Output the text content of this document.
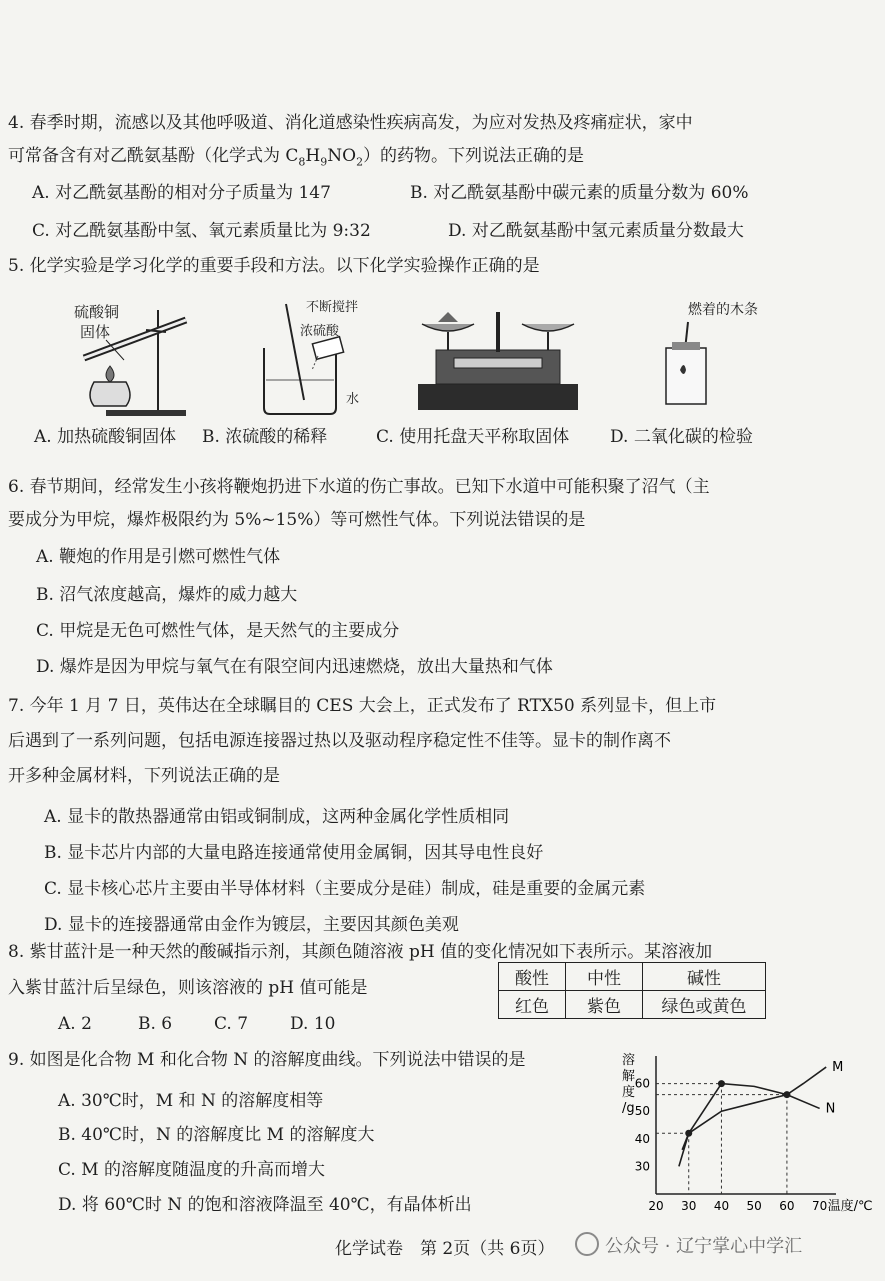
4. 春季时期，流感以及其他呼吸道、消化道感染性疾病高发，为应对发热及疼痛症状，家中
可常备含有对乙酰氨基酚（化学式为 $C_8H_9NO_2$）的药物。下列说法正确的是
A. 对乙酰氨基酚的相对分子质量为 147	B. 对乙酰氨基酚中碳元素的质量分数为 60%
C. 对乙酰氨基酚中氢、氧元素质量比为 9:32	D. 对乙酰氨基酚中氢元素质量分数最大
5. 化学实验是学习化学的重要手段和方法。以下化学实验操作正确的是
硫酸铜
固体
不断搅拌
浓硫酸
水
燃着的木条
A. 加热硫酸铜固体 B. 浓硫酸的稀释	C. 使用托盘天平称取固体 D. 二氧化碳的检验
6. 春节期间，经常发生小孩将鞭炮扔进下水道的伤亡事故。已知下水道中可能积聚了沼气（主
要成分为甲烷，爆炸极限约为 5%~15%）等可燃性气体。下列说法错误的是
A. 鞭炮的作用是引燃可燃性气体
B. 沼气浓度越高，爆炸的威力越大
C. 甲烷是无色可燃性气体，是天然气的主要成分
D. 爆炸是因为甲烷与氧气在有限空间内迅速燃烧，放出大量热和气体
7. 今年 1 月 7 日，英伟达在全球瞩目的 CES 大会上，正式发布了 RTX50 系列显卡，但上市
后遇到了一系列问题，包括电源连接器过热以及驱动程序稳定性不佳等。显卡的制作离不
开多种金属材料，下列说法正确的是
A. 显卡的散热器通常由铝或铜制成，这两种金属化学性质相同
B. 显卡芯片内部的大量电路连接通常使用金属铜，因其导电性良好
C. 显卡核心芯片主要由半导体材料（主要成分是硅）制成，硅是重要的金属元素
D. 显卡的连接器通常由金作为镀层，主要因其颜色美观
8. 紫甘蓝汁是一种天然的酸碱指示剂，其颜色随溶液 pH 值的变化情况如下表所示。某溶液加
入紫甘蓝汁后呈绿色，则该溶液的 pH 值可能是	酸性	中性	碱性
红色	紫色	绿色或黄色
A. 2	B. 6 C. 7 D. 10
9. 如图是化合物 M 和化合物 N 的溶解度曲线。下列说法中错误的是
A. 30℃时，M 和 N 的溶解度相等
B. 40℃时，N 的溶解度比 M 的溶解度大
C. M 的溶解度随温度的升高而增大
D. 将 60℃时 N 的饱和溶液降温至 40℃，有晶体析出
溶解度/g
30
40
50
60
20 30 40 50 60 70
M
N
温度/℃
化学试卷　第 2页（共 6页）	公众号 · 辽宁掌心中学汇
